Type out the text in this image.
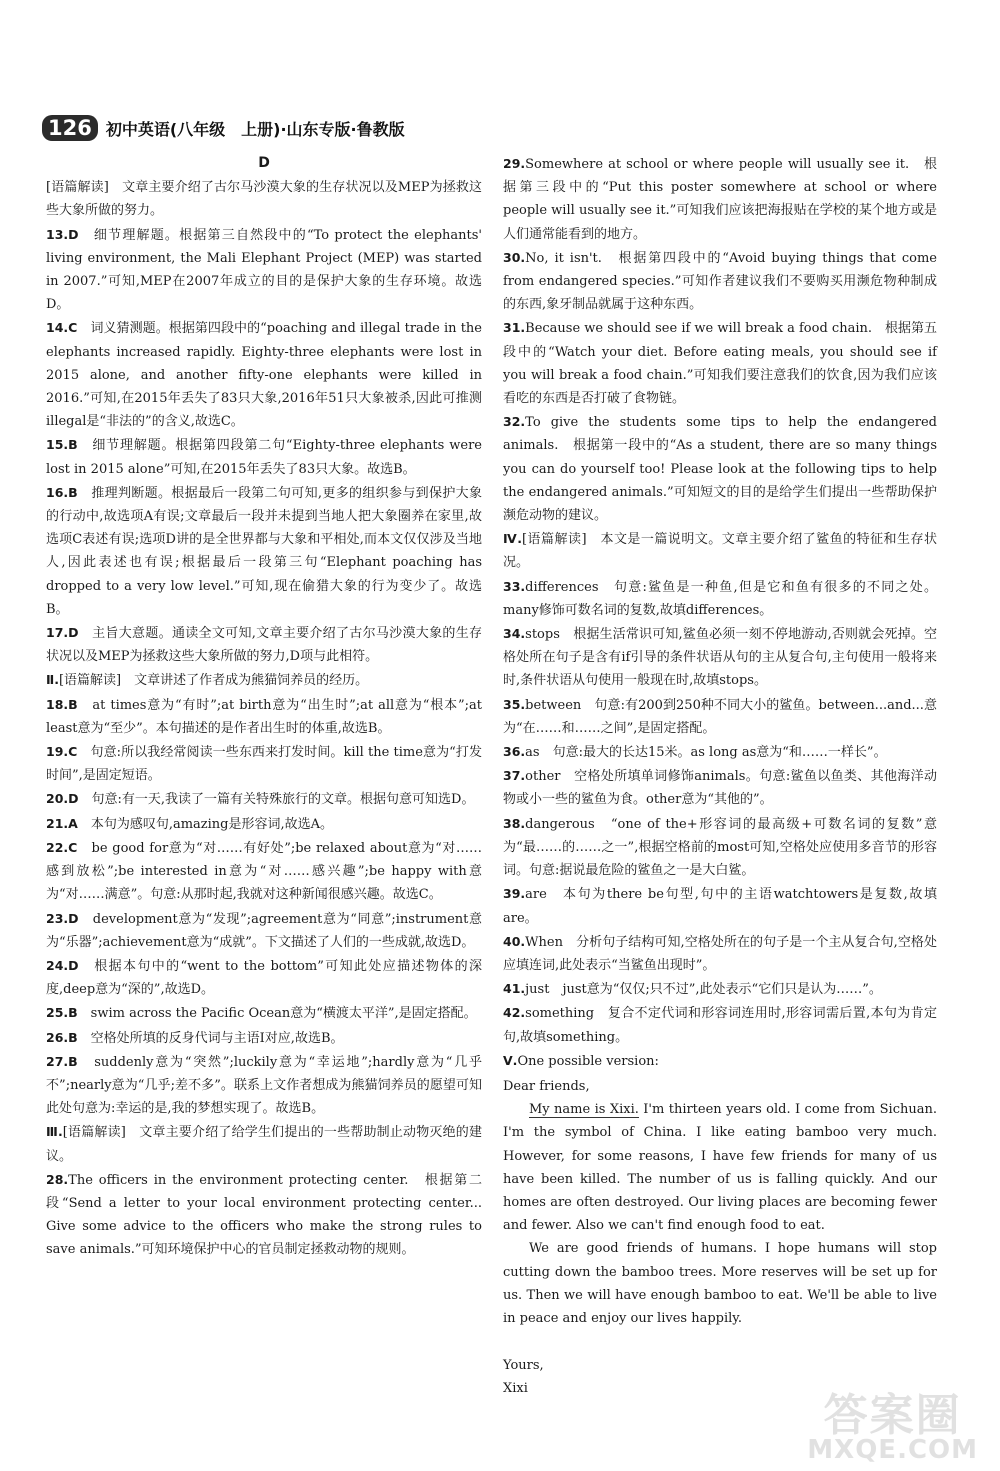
126 初中英语(八年级　上册)·山东专版·鲁教版

D

[语篇解读]　文章主要介绍了古尔马沙漠大象的生存状况以及MEP为拯救这些大象所做的努力。

13.D　细节理解题。根据第三自然段中的“To protect the elephants' living environment, the Mali Elephant Project (MEP) was started in 2007.”可知,MEP在2007年成立的目的是保护大象的生存环境。故选D。

14.C　词义猜测题。根据第四段中的“poaching and illegal trade in the elephants increased rapidly. Eighty-three elephants were lost in 2015 alone, and another fifty-one elephants were killed in 2016.”可知,在2015年丢失了83只大象,2016年51只大象被杀,因此可推测illegal是“非法的”的含义,故选C。

15.B　细节理解题。根据第四段第二句“Eighty-three elephants were lost in 2015 alone”可知,在2015年丢失了83只大象。故选B。

16.B　推理判断题。根据最后一段第二句可知,更多的组织参与到保护大象的行动中,故选项A有误;文章最后一段并未提到当地人把大象圈养在家里,故选项C表述有误;选项D讲的是全世界都与大象和平相处,而本文仅仅涉及当地人,因此表述也有误;根据最后一段第三句“Elephant poaching has dropped to a very low level.”可知,现在偷猎大象的行为变少了。故选B。

17.D　主旨大意题。通读全文可知,文章主要介绍了古尔马沙漠大象的生存状况以及MEP为拯救这些大象所做的努力,D项与此相符。

Ⅱ.[语篇解读]　文章讲述了作者成为熊猫饲养员的经历。

18.B　at times意为“有时”;at birth意为“出生时”;at all意为“根本”;at least意为“至少”。本句描述的是作者出生时的体重,故选B。

19.C　句意:所以我经常阅读一些东西来打发时间。kill the time意为“打发时间”,是固定短语。

20.D　句意:有一天,我读了一篇有关特殊旅行的文章。根据句意可知选D。

21.A　本句为感叹句,amazing是形容词,故选A。

22.C　be good for意为“对……有好处”;be relaxed about意为“对……感到放松”;be interested in意为“对……感兴趣”;be happy with意为“对……满意”。句意:从那时起,我就对这种新闻很感兴趣。故选C。

23.D　development意为“发现”;agreement意为“同意”;instrument意为“乐器”;achievement意为“成就”。下文描述了人们的一些成就,故选D。

24.D　根据本句中的“went to the bottom”可知此处应描述物体的深度,deep意为“深的”,故选D。

25.B　swim across the Pacific Ocean意为“横渡太平洋”,是固定搭配。

26.B　空格处所填的反身代词与主语I对应,故选B。

27.B　suddenly意为“突然”;luckily意为“幸运地”;hardly意为“几乎不”;nearly意为“几乎;差不多”。联系上文作者想成为熊猫饲养员的愿望可知此处句意为:幸运的是,我的梦想实现了。故选B。

Ⅲ.[语篇解读]　文章主要介绍了给学生们提出的一些帮助制止动物灭绝的建议。

28.The officers in the environment protecting center.　根据第二段“Send a letter to your local environment protecting center... Give some advice to the officers who make the strong rules to save animals.”可知环境保护中心的官员制定拯救动物的规则。

29.Somewhere at school or where people will usually see it.　根据第三段中的“Put this poster somewhere at school or where people will usually see it.”可知我们应该把海报贴在学校的某个地方或是人们通常能看到的地方。

30.No, it isn't.　根据第四段中的“Avoid buying things that come from endangered species.”可知作者建议我们不要购买用濒危物种制成的东西,象牙制品就属于这种东西。

31.Because we should see if we will break a food chain.　根据第五段中的“Watch your diet. Before eating meals, you should see if you will break a food chain.”可知我们要注意我们的饮食,因为我们应该看吃的东西是否打破了食物链。

32.To give the students some tips to help the endangered animals.　根据第一段中的“As a student, there are so many things you can do yourself too! Please look at the following tips to help the endangered animals.”可知短文的目的是给学生们提出一些帮助保护濒危动物的建议。

Ⅳ.[语篇解读]　本文是一篇说明文。文章主要介绍了鲨鱼的特征和生存状况。

33.differences　句意:鲨鱼是一种鱼,但是它和鱼有很多的不同之处。many修饰可数名词的复数,故填differences。

34.stops　根据生活常识可知,鲨鱼必须一刻不停地游动,否则就会死掉。空格处所在句子是含有if引导的条件状语从句的主从复合句,主句使用一般将来时,条件状语从句使用一般现在时,故填stops。

35.between　句意:有200到250种不同大小的鲨鱼。between...and...意为“在……和……之间”,是固定搭配。

36.as　句意:最大的长达15米。as long as意为“和……一样长”。

37.other　空格处所填单词修饰animals。句意:鲨鱼以鱼类、其他海洋动物或小一些的鲨鱼为食。other意为“其他的”。

38.dangerous　“one of the+形容词的最高级+可数名词的复数”意为“最……的……之一”,根据空格前的most可知,空格处应使用多音节的形容词。句意:据说最危险的鲨鱼之一是大白鲨。

39.are　本句为there be句型,句中的主语watchtowers是复数,故填are。

40.When　分析句子结构可知,空格处所在的句子是一个主从复合句,空格处应填连词,此处表示“当鲨鱼出现时”。

41.just　just意为“仅仅;只不过”,此处表示“它们只是认为……”。

42.something　复合不定代词和形容词连用时,形容词需后置,本句为肯定句,故填something。

Ⅴ.One possible version:

Dear friends,

My name is Xixi. I'm thirteen years old. I come from Sichuan. I'm the symbol of China. I like eating bamboo very much. However, for some reasons, I have few friends for many of us have been killed. The number of us is falling quickly. And our homes are often destroyed. Our living places are becoming fewer and fewer. Also we can't find enough food to eat.

We are good friends of humans. I hope humans will stop cutting down the bamboo trees. More reserves will be set up for us. Then we will have enough bamboo to eat. We'll be able to live in peace and enjoy our lives happily.

Yours,

Xixi

答案圈
MXQE.COM
